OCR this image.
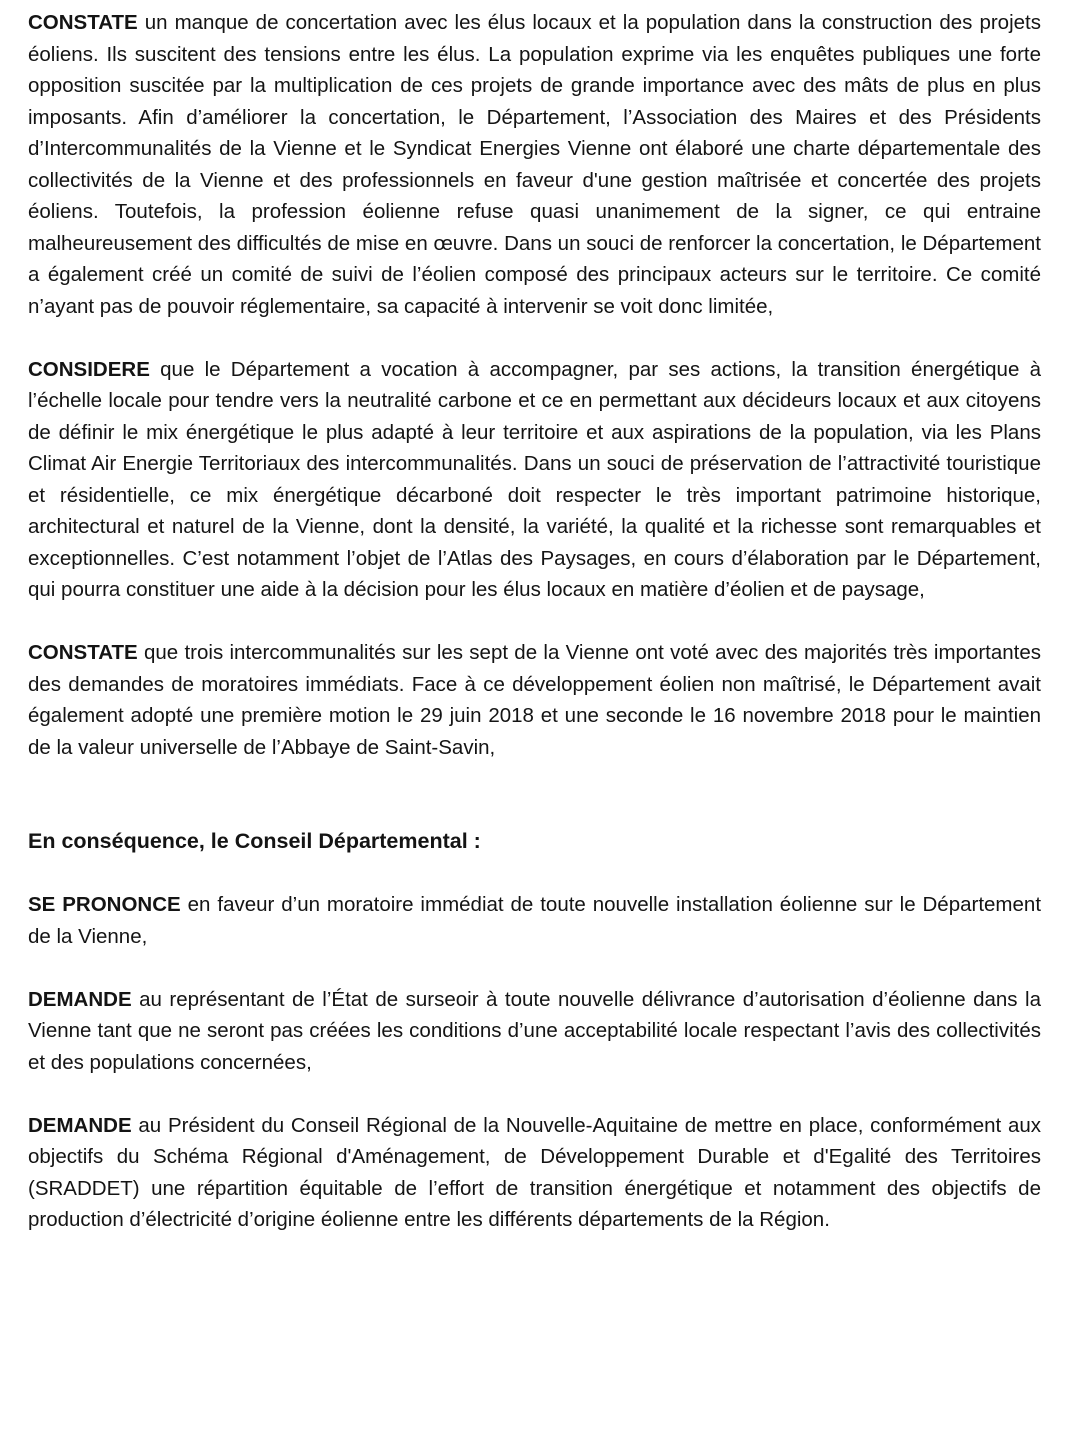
CONSTATE un manque de concertation avec les élus locaux et la population dans la construction des projets éoliens. Ils suscitent des tensions entre les élus. La population exprime via les enquêtes publiques une forte opposition suscitée par la multiplication de ces projets de grande importance avec des mâts de plus en plus imposants. Afin d’améliorer la concertation, le Département, l’Association des Maires et des Présidents d’Intercommunalités de la Vienne et le Syndicat Energies Vienne ont élaboré une charte départementale des collectivités de la Vienne et des professionnels en faveur d'une gestion maîtrisée et concertée des projets éoliens. Toutefois, la profession éolienne refuse quasi unanimement de la signer, ce qui entraine malheureusement des difficultés de mise en œuvre. Dans un souci de renforcer la concertation, le Département a également créé un comité de suivi de l’éolien composé des principaux acteurs sur le territoire. Ce comité n’ayant pas de pouvoir réglementaire, sa capacité à intervenir se voit donc limitée,

CONSIDERE que le Département a vocation à accompagner, par ses actions, la transition énergétique à l’échelle locale pour tendre vers la neutralité carbone et ce en permettant aux décideurs locaux et aux citoyens de définir le mix énergétique le plus adapté à leur territoire et aux aspirations de la population, via les Plans Climat Air Energie Territoriaux des intercommunalités. Dans un souci de préservation de l’attractivité touristique et résidentielle, ce mix énergétique décarboné doit respecter le très important patrimoine historique, architectural et naturel de la Vienne, dont la densité, la variété, la qualité et la richesse sont remarquables et exceptionnelles. C’est notamment l’objet de l’Atlas des Paysages, en cours d’élaboration par le Département, qui pourra constituer une aide à la décision pour les élus locaux en matière d’éolien et de paysage,

CONSTATE que trois intercommunalités sur les sept de la Vienne ont voté avec des majorités très importantes des demandes de moratoires immédiats. Face à ce développement éolien non maîtrisé, le Département avait également adopté une première motion le 29 juin 2018 et une seconde le 16 novembre 2018 pour le maintien de la valeur universelle de l’Abbaye de Saint-Savin,

En conséquence, le Conseil Départemental :

SE PRONONCE en faveur d’un moratoire immédiat de toute nouvelle installation éolienne sur le Département de la Vienne,

DEMANDE au représentant de l’État de surseoir à toute nouvelle délivrance d’autorisation d’éolienne dans la Vienne tant que ne seront pas créées les conditions d’une acceptabilité locale respectant l’avis des collectivités et des populations concernées,

DEMANDE au Président du Conseil Régional de la Nouvelle-Aquitaine de mettre en place, conformément aux objectifs du Schéma Régional d'Aménagement, de Développement Durable et d'Egalité des Territoires (SRADDET) une répartition équitable de l’effort de transition énergétique et notamment des objectifs de production d’électricité d’origine éolienne entre les différents départements de la Région.
